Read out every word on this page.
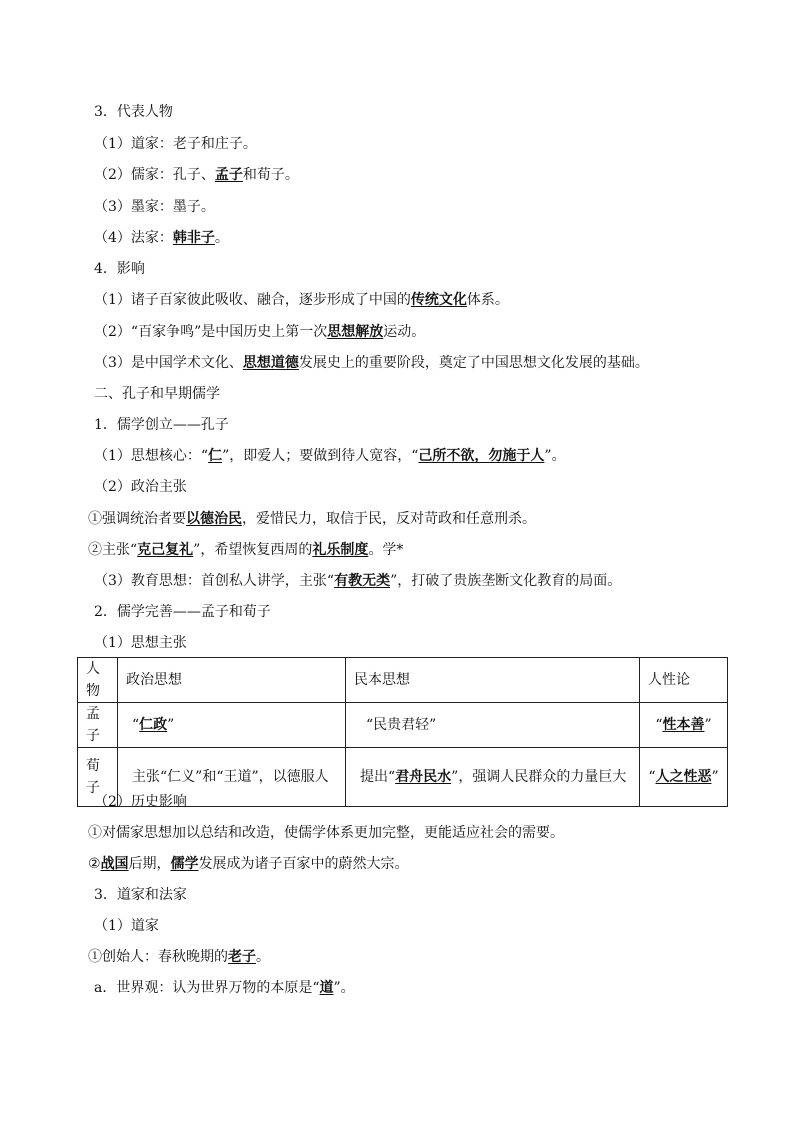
3．代表人物
（1）道家：老子和庄子。
（2）儒家：孔子、孟子和荀子。
（3）墨家：墨子。
（4）法家：韩非子。
4．影响
（1）诸子百家彼此吸收、融合，逐步形成了中国的传统文化体系。
（2）“百家争鸣”是中国历史上第一次思想解放运动。
（3）是中国学术文化、思想道德发展史上的重要阶段，奠定了中国思想文化发展的基础。
二、孔子和早期儒学
1．儒学创立——孔子
（1）思想核心：“仁”，即爱人；要做到待人宽容，“己所不欲，勿施于人”。
（2）政治主张
①强调统治者要以德治民，爱惜民力，取信于民，反对苛政和任意刑杀。
②主张“克己复礼”，希望恢复西周的礼乐制度。学*
（3）教育思想：首创私人讲学，主张“有教无类”，打破了贵族垄断文化教育的局面。
2．儒学完善——孟子和荀子
（1）思想主张
（2）历史影响
①对儒家思想加以总结和改造，使儒学体系更加完整，更能适应社会的需要。
②战国后期，儒学发展成为诸子百家中的蔚然大宗。
3．道家和法家
（1）道家
①创始人：春秋晚期的老子。
a．世界观：认为世界万物的本原是“道”。
人物	政治思想	民本思想	人性论
孟子	“仁政”	“民贵君轻”	“性本善”
荀子	主张“仁义”和“王道”，以德服人	提出“君舟民水”，强调人民群众的力量巨大	“人之性恶”
